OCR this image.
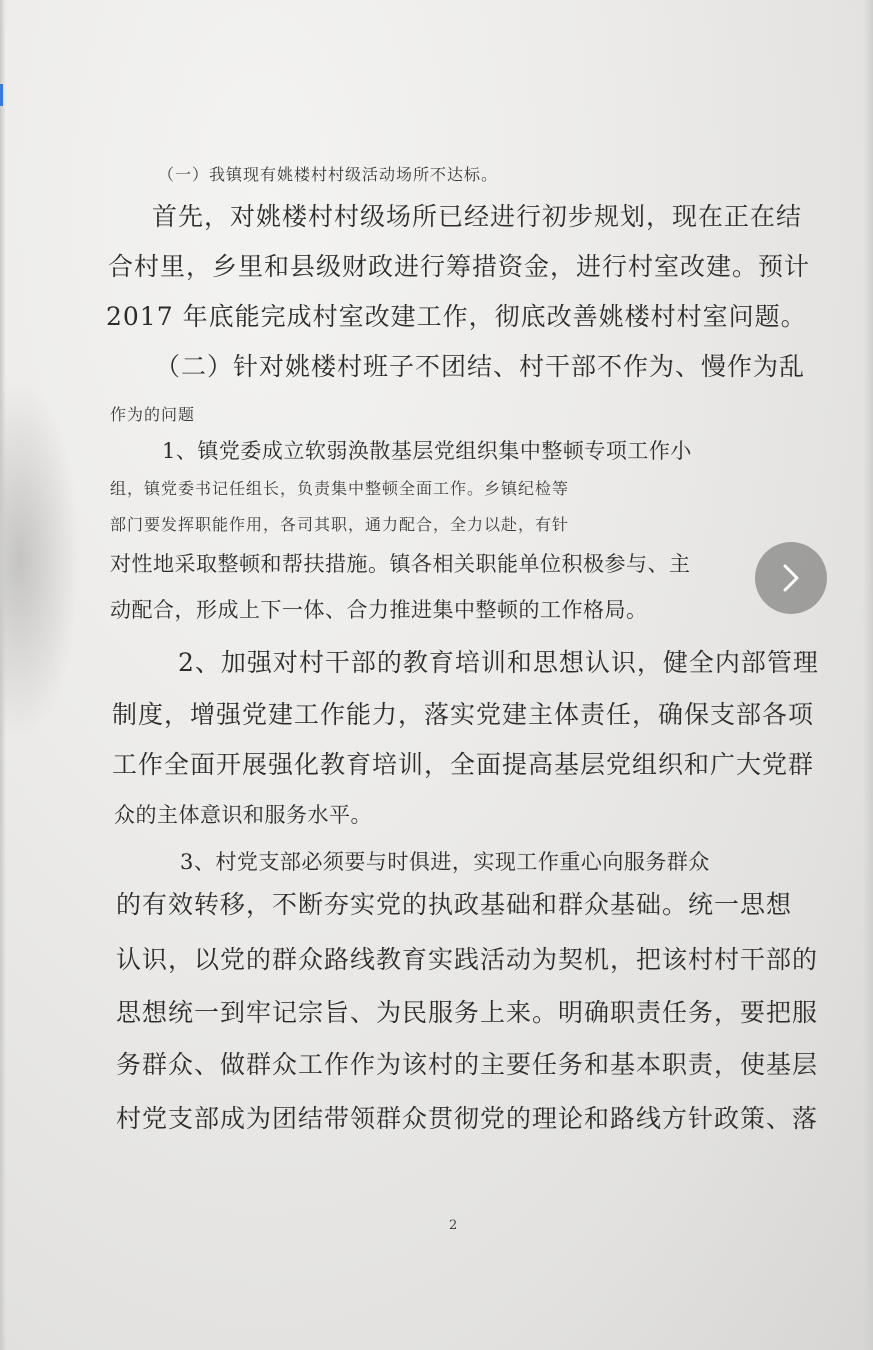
（一）我镇现有姚楼村村级活动场所不达标。
首先，对姚楼村村级场所已经进行初步规划，现在正在结
合村里，乡里和县级财政进行筹措资金，进行村室改建。预计
2017 年底能完成村室改建工作，彻底改善姚楼村村室问题。
（二）针对姚楼村班子不团结、村干部不作为、慢作为乱
作为的问题
1、镇党委成立软弱涣散基层党组织集中整顿专项工作小
组，镇党委书记任组长，负责集中整顿全面工作。乡镇纪检等
部门要发挥职能作用，各司其职，通力配合，全力以赴，有针
对性地采取整顿和帮扶措施。镇各相关职能单位积极参与、主
动配合，形成上下一体、合力推进集中整顿的工作格局。
2、加强对村干部的教育培训和思想认识，健全内部管理
制度，增强党建工作能力，落实党建主体责任，确保支部各项
工作全面开展强化教育培训，全面提高基层党组织和广大党群
众的主体意识和服务水平。
3、村党支部必须要与时俱进，实现工作重心向服务群众
的有效转移，不断夯实党的执政基础和群众基础。统一思想
认识，以党的群众路线教育实践活动为契机，把该村村干部的
思想统一到牢记宗旨、为民服务上来。明确职责任务，要把服
务群众、做群众工作作为该村的主要任务和基本职责，使基层
村党支部成为团结带领群众贯彻党的理论和路线方针政策、落
2
